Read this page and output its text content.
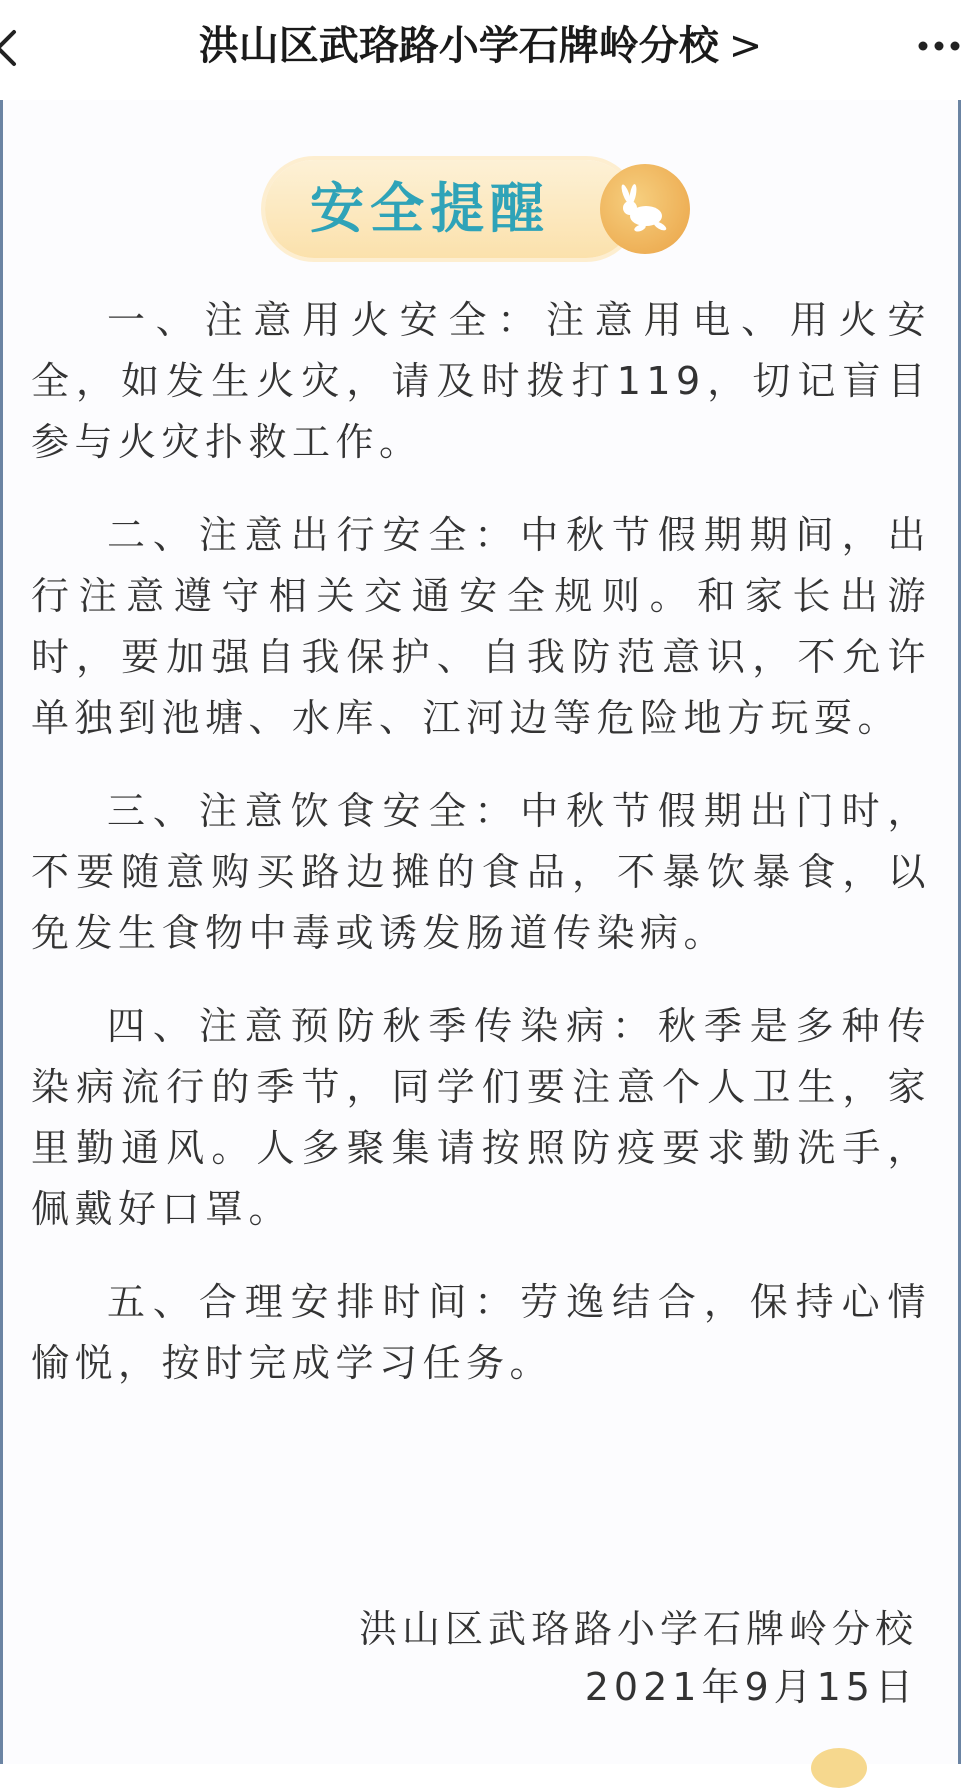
洪山区武珞路小学石牌岭分校 >
安全提醒

一、注意用火安全：注意用电、用火安全，如发生火灾，请及时拨打119，切记盲目参与火灾扑救工作。

二、注意出行安全：中秋节假期期间，出行注意遵守相关交通安全规则。和家长出游时，要加强自我保护、自我防范意识，不允许单独到池塘、水库、江河边等危险地方玩耍。

三、注意饮食安全：中秋节假期出门时，不要随意购买路边摊的食品，不暴饮暴食，以免发生食物中毒或诱发肠道传染病。

四、注意预防秋季传染病：秋季是多种传染病流行的季节，同学们要注意个人卫生，家里勤通风。人多聚集请按照防疫要求勤洗手，佩戴好口罩。

五、合理安排时间：劳逸结合，保持心情愉悦，按时完成学习任务。

洪山区武珞路小学石牌岭分校
2021年9月15日
